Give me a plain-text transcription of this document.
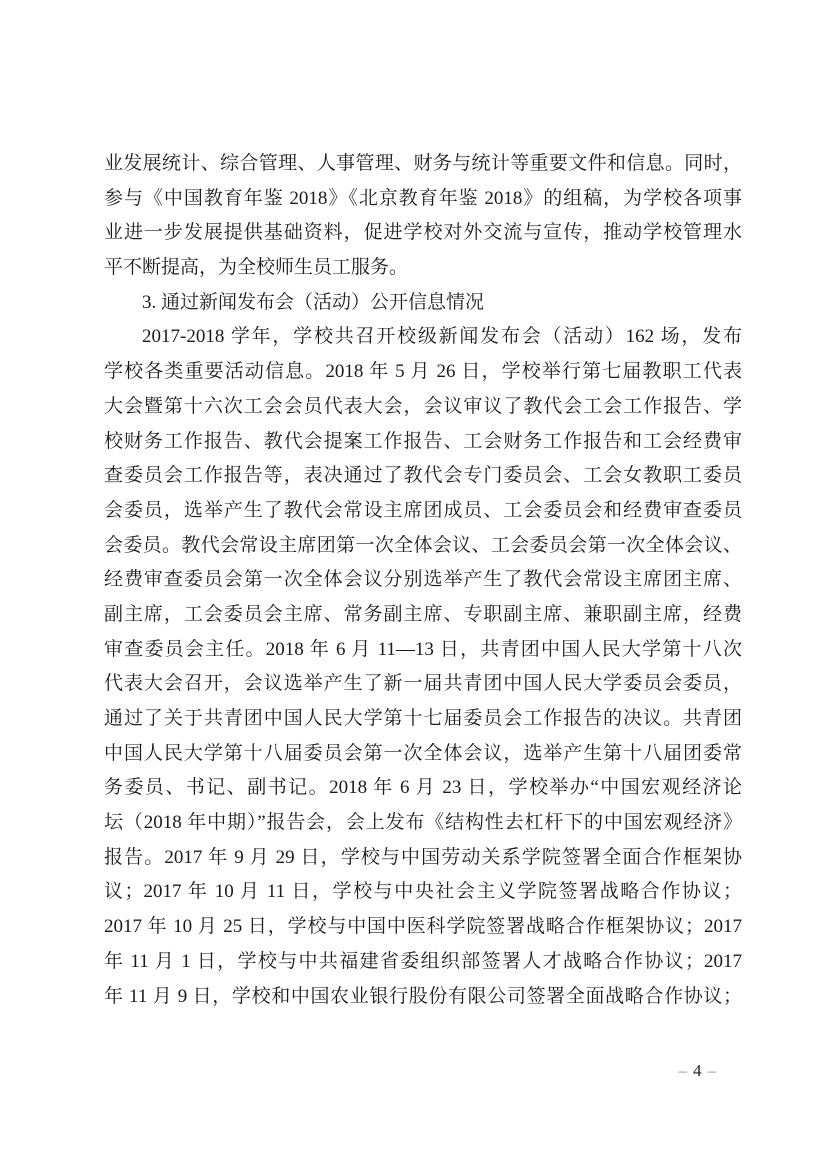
业发展统计、综合管理、人事管理、财务与统计等重要文件和信息。同时，
参与《中国教育年鉴 2018》《北京教育年鉴 2018》的组稿，为学校各项事
业进一步发展提供基础资料，促进学校对外交流与宣传，推动学校管理水
平不断提高，为全校师生员工服务。
3. 通过新闻发布会（活动）公开信息情况
2017-2018 学年，学校共召开校级新闻发布会（活动）162 场，发布
学校各类重要活动信息。2018 年 5 月 26 日，学校举行第七届教职工代表
大会暨第十六次工会会员代表大会，会议审议了教代会工会工作报告、学
校财务工作报告、教代会提案工作报告、工会财务工作报告和工会经费审
查委员会工作报告等，表决通过了教代会专门委员会、工会女教职工委员
会委员，选举产生了教代会常设主席团成员、工会委员会和经费审查委员
会委员。教代会常设主席团第一次全体会议、工会委员会第一次全体会议、
经费审查委员会第一次全体会议分别选举产生了教代会常设主席团主席、
副主席，工会委员会主席、常务副主席、专职副主席、兼职副主席，经费
审查委员会主任。2018 年 6 月 11—13 日，共青团中国人民大学第十八次
代表大会召开，会议选举产生了新一届共青团中国人民大学委员会委员，
通过了关于共青团中国人民大学第十七届委员会工作报告的决议。共青团
中国人民大学第十八届委员会第一次全体会议，选举产生第十八届团委常
务委员、书记、副书记。2018 年 6 月 23 日，学校举办“中国宏观经济论
坛（2018 年中期）”报告会，会上发布《结构性去杠杆下的中国宏观经济》
报告。2017 年 9 月 29 日，学校与中国劳动关系学院签署全面合作框架协
议；2017 年 10 月 11 日，学校与中央社会主义学院签署战略合作协议；
2017 年 10 月 25 日，学校与中国中医科学院签署战略合作框架协议；2017
年 11 月 1 日，学校与中共福建省委组织部签署人才战略合作协议；2017
年 11 月 9 日，学校和中国农业银行股份有限公司签署全面战略合作协议；
– 4 –
